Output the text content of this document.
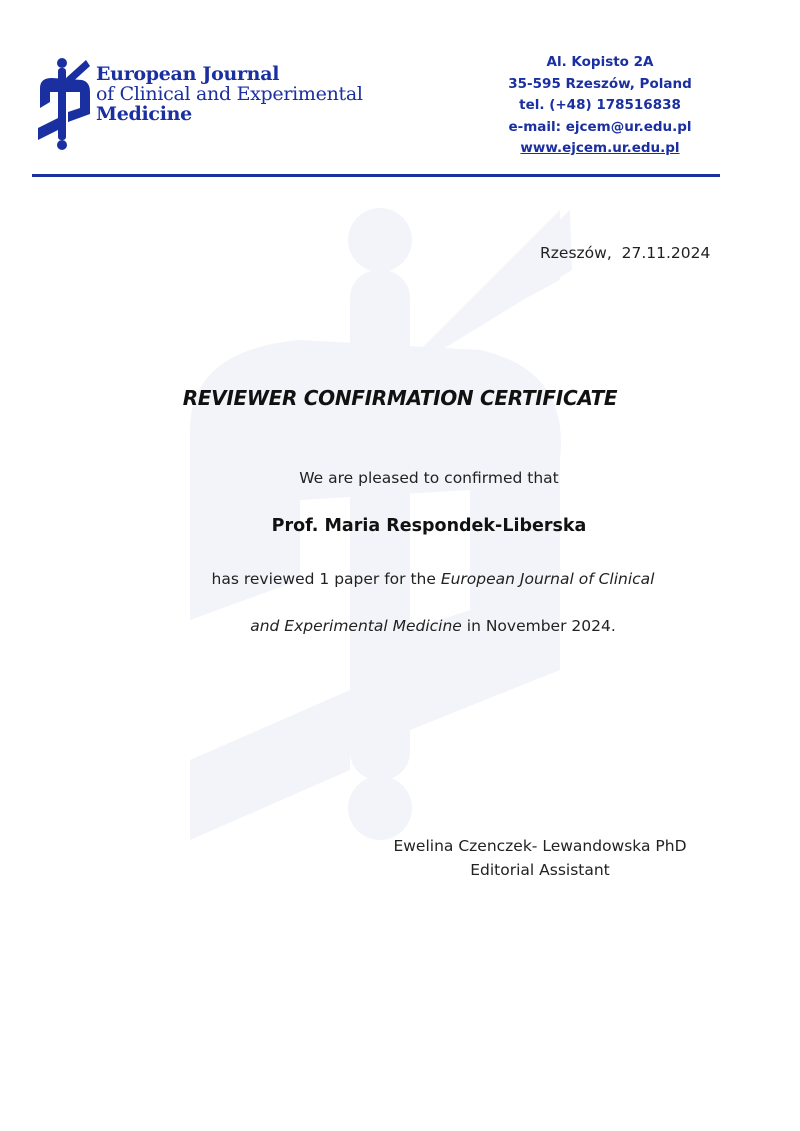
European Journal
of Clinical and Experimental
Medicine
Al. Kopisto 2A
35-595 Rzeszów, Poland
tel. (+48) 178516838
e-mail: ejcem@ur.edu.pl
www.ejcem.ur.edu.pl
Rzeszów,  27.11.2024
REVIEWER CONFIRMATION CERTIFICATE
We are pleased to confirmed that
Prof. Maria Respondek-Liberska
has reviewed 1 paper for the European Journal of Clinical
and Experimental Medicine in November 2024.
Ewelina Czenczek- Lewandowska PhD
Editorial Assistant
